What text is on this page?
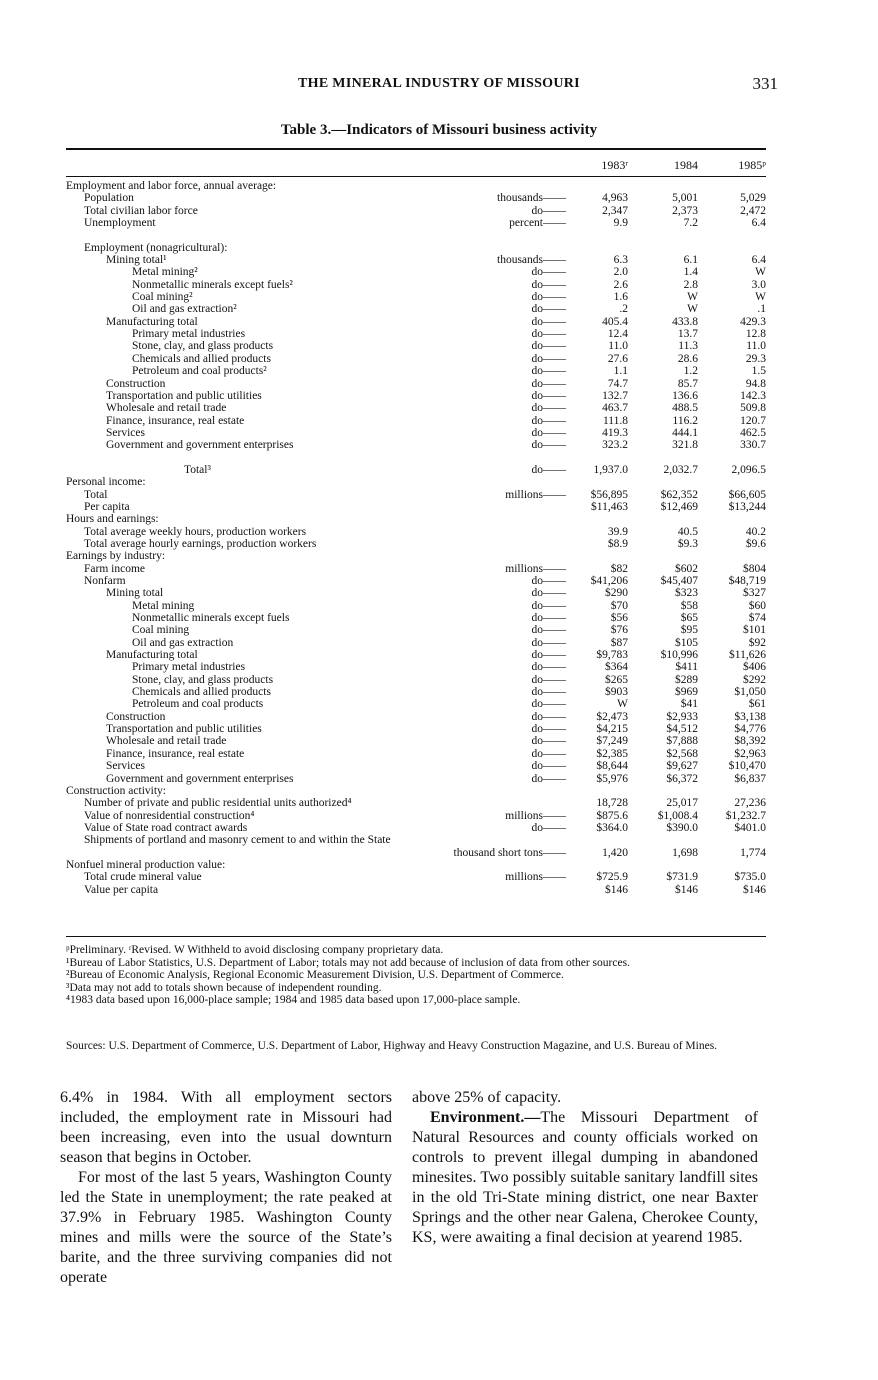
THE MINERAL INDUSTRY OF MISSOURI	331
Table 3.—Indicators of Missouri business activity
1983ʳ	1984	1985ᵖ
Employment and labor force, annual average:
Population	thousands——	4,963	5,001	5,029
Total civilian labor force	do——	2,347	2,373	2,472
Unemployment	percent——	9.9	7.2	6.4
Employment (nonagricultural):
Mining total¹	thousands——	6.3	6.1	6.4
Metal mining²	do——	2.0	1.4	W
Nonmetallic minerals except fuels²	do——	2.6	2.8	3.0
Coal mining²	do——	1.6	W	W
Oil and gas extraction²	do——	.2	W	.1
Manufacturing total	do——	405.4	433.8	429.3
Primary metal industries	do——	12.4	13.7	12.8
Stone, clay, and glass products	do——	11.0	11.3	11.0
Chemicals and allied products	do——	27.6	28.6	29.3
Petroleum and coal products²	do——	1.1	1.2	1.5
Construction	do——	74.7	85.7	94.8
Transportation and public utilities	do——	132.7	136.6	142.3
Wholesale and retail trade	do——	463.7	488.5	509.8
Finance, insurance, real estate	do——	111.8	116.2	120.7
Services	do——	419.3	444.1	462.5
Government and government enterprises	do——	323.2	321.8	330.7
Total³	do——	1,937.0	2,032.7	2,096.5
Personal income:
Total	millions——	$56,895	$62,352	$66,605
Per capita	$11,463	$12,469	$13,244
Hours and earnings:
Total average weekly hours, production workers	39.9	40.5	40.2
Total average hourly earnings, production workers	$8.9	$9.3	$9.6
Earnings by industry:
Farm income	millions——	$82	$602	$804
Nonfarm	do——	$41,206	$45,407	$48,719
Mining total	do——	$290	$323	$327
Metal mining	do——	$70	$58	$60
Nonmetallic minerals except fuels	do——	$56	$65	$74
Coal mining	do——	$76	$95	$101
Oil and gas extraction	do——	$87	$105	$92
Manufacturing total	do——	$9,783	$10,996	$11,626
Primary metal industries	do——	$364	$411	$406
Stone, clay, and glass products	do——	$265	$289	$292
Chemicals and allied products	do——	$903	$969	$1,050
Petroleum and coal products	do——	W	$41	$61
Construction	do——	$2,473	$2,933	$3,138
Transportation and public utilities	do——	$4,215	$4,512	$4,776
Wholesale and retail trade	do——	$7,249	$7,888	$8,392
Finance, insurance, real estate	do——	$2,385	$2,568	$2,963
Services	do——	$8,644	$9,627	$10,470
Government and government enterprises	do——	$5,976	$6,372	$6,837
Construction activity:
Number of private and public residential units authorized⁴	18,728	25,017	27,236
Value of nonresidential construction⁴	millions——	$875.6	$1,008.4	$1,232.7
Value of State road contract awards	do——	$364.0	$390.0	$401.0
Shipments of portland and masonry cement to and within the State
thousand short tons——	1,420	1,698	1,774
Nonfuel mineral production value:
Total crude mineral value	millions——	$725.9	$731.9	$735.0
Value per capita	$146	$146	$146

ᵖPreliminary. ʳRevised. W Withheld to avoid disclosing company proprietary data.

¹Bureau of Labor Statistics, U.S. Department of Labor; totals may not add because of inclusion of data from other sources.

²Bureau of Economic Analysis, Regional Economic Measurement Division, U.S. Department of Commerce.

³Data may not add to totals shown because of independent rounding.

⁴1983 data based upon 16,000-place sample; 1984 and 1985 data based upon 17,000-place sample.

Sources: U.S. Department of Commerce, U.S. Department of Labor, Highway and Heavy Construction Magazine, and U.S. Bureau of Mines.

6.4% in 1984. With all employment sectors included, the employment rate in Missouri had been increasing, even into the usual downturn season that begins in October.

For most of the last 5 years, Washington County led the State in unemployment; the rate peaked at 37.9% in February 1985. Washington County mines and mills were the source of the State’s barite, and the three surviving companies did not operate

above 25% of capacity.

Environment.—The Missouri Department of Natural Resources and county officials worked on controls to prevent illegal dumping in abandoned minesites. Two possibly suitable sanitary landfill sites in the old Tri-State mining district, one near Baxter Springs and the other near Galena, Cherokee County, KS, were awaiting a final decision at yearend 1985.
